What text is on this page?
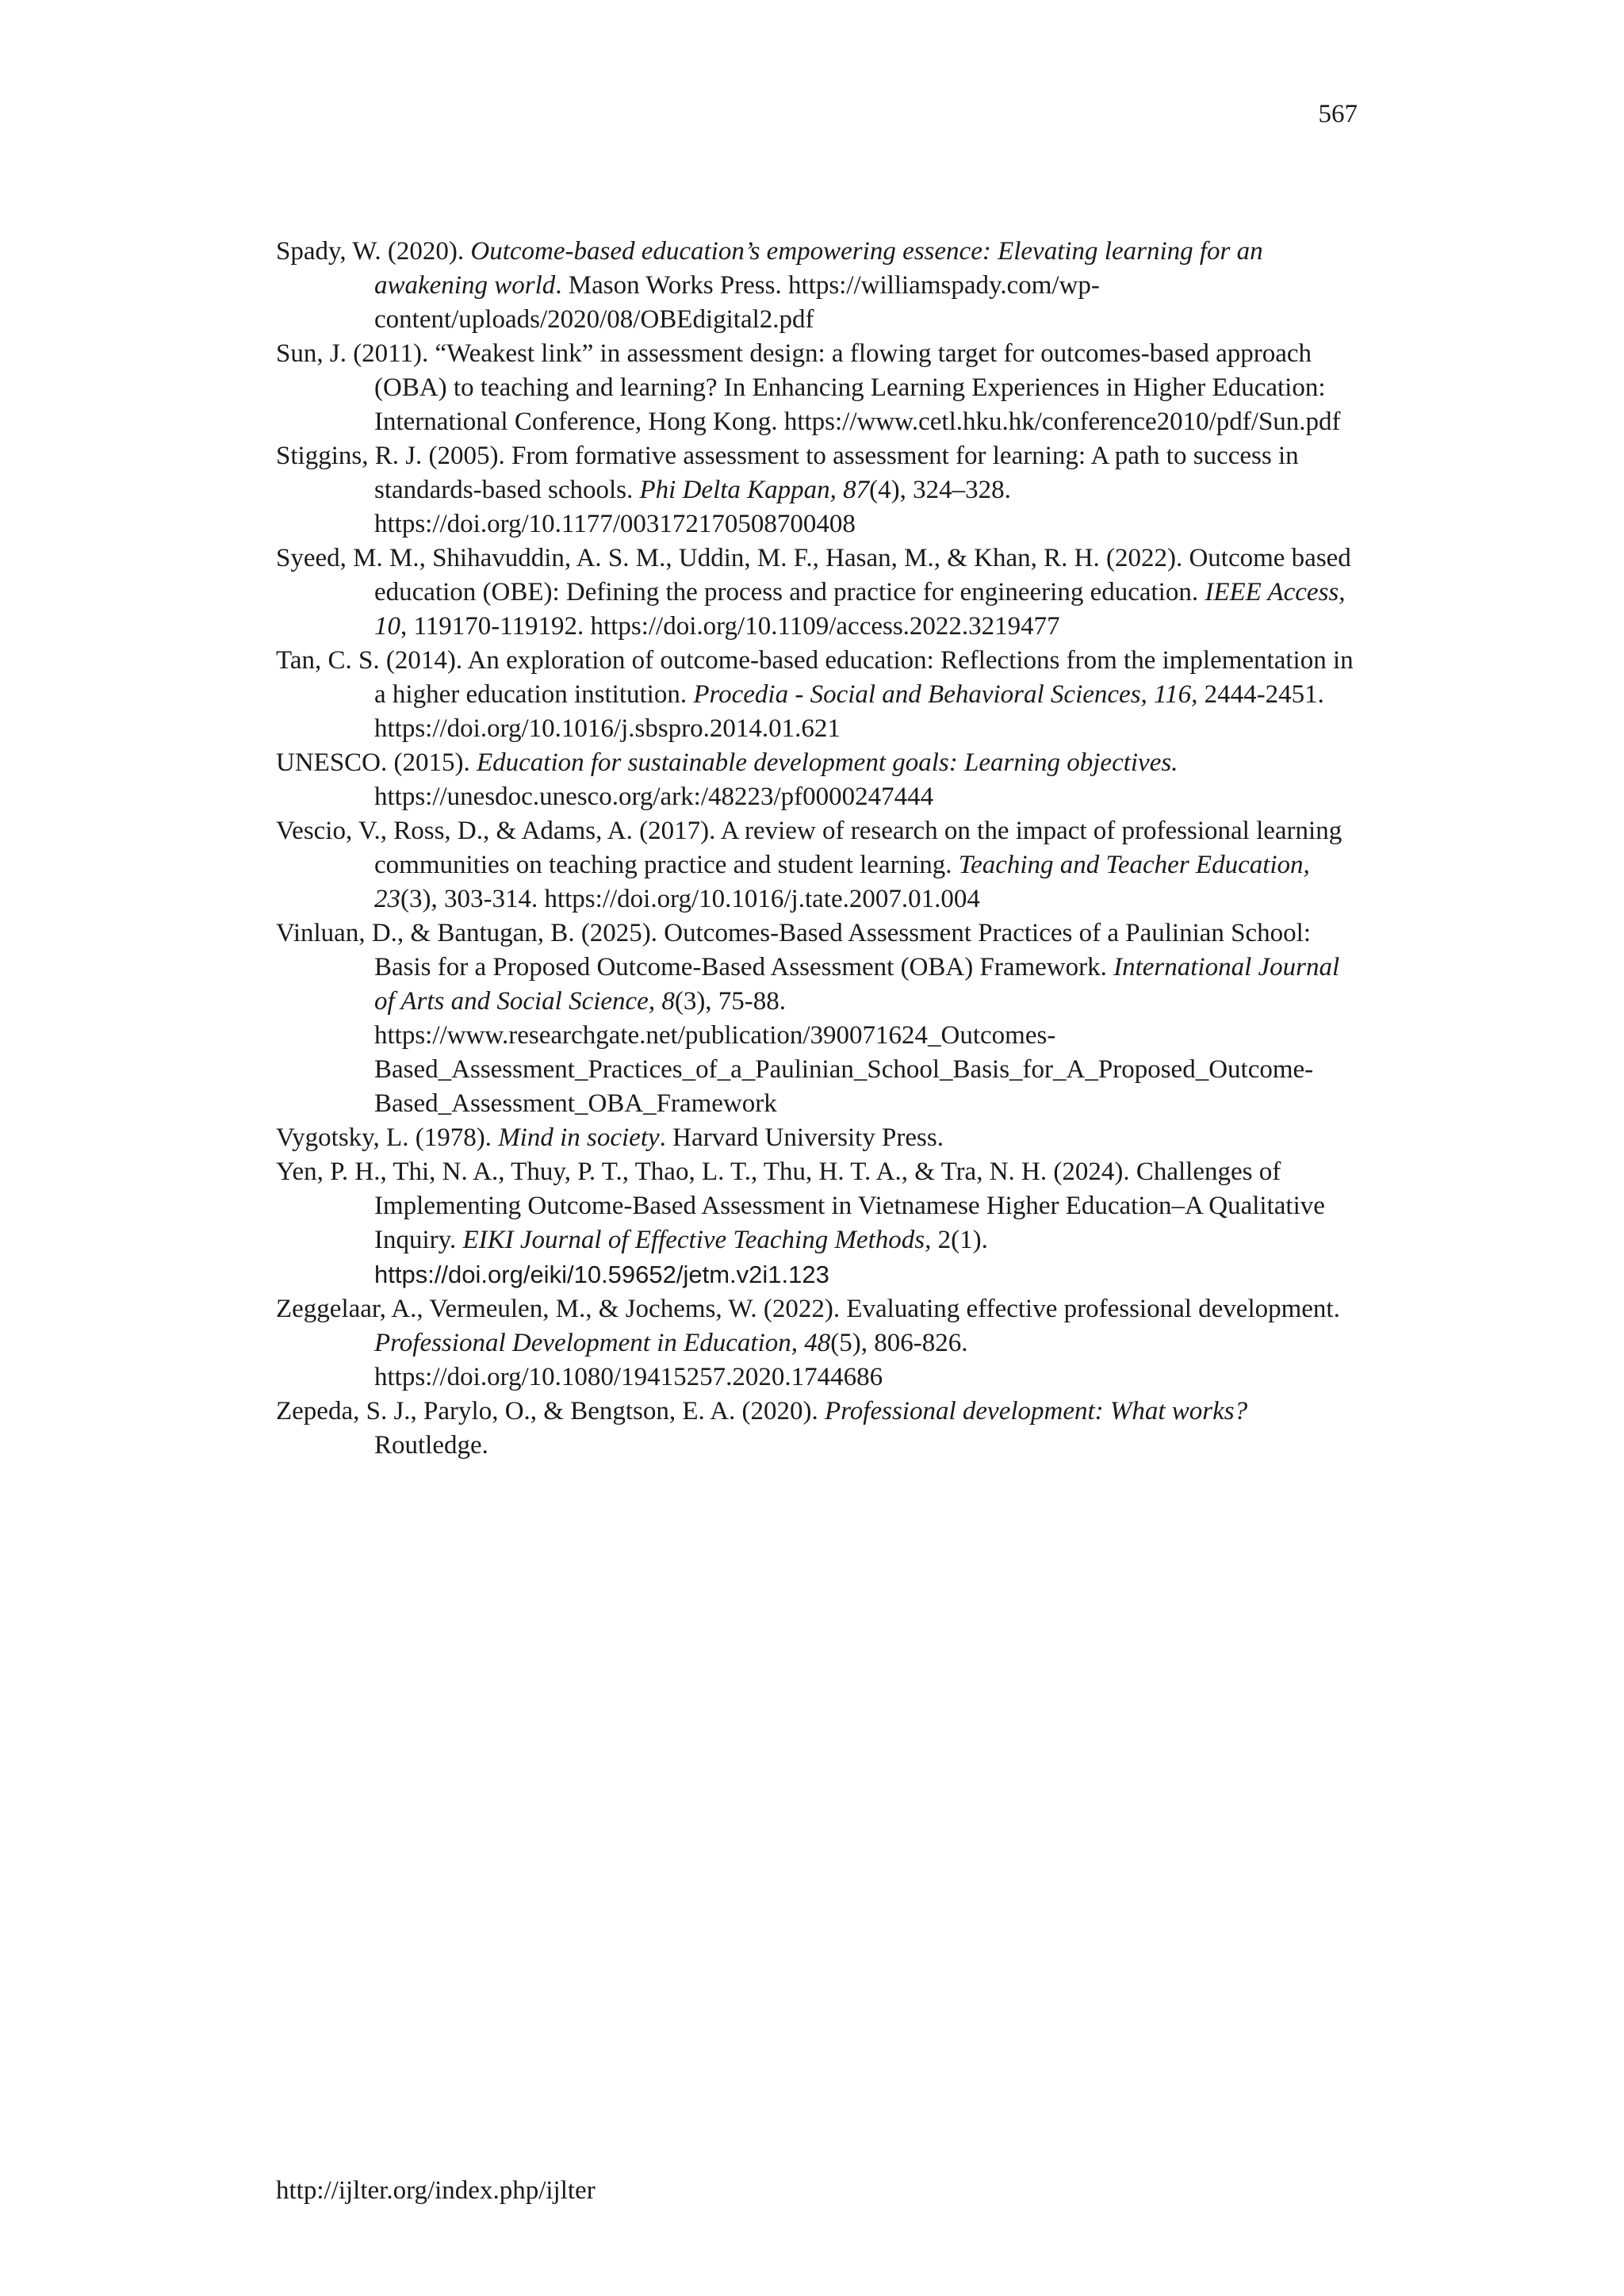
567
Spady, W. (2020). Outcome-based education’s empowering essence: Elevating learning for an awakening world. Mason Works Press. https://williamspady.com/wp-content/uploads/2020/08/OBEdigital2.pdf
Sun, J. (2011). “Weakest link” in assessment design: a flowing target for outcomes-based approach (OBA) to teaching and learning? In Enhancing Learning Experiences in Higher Education: International Conference, Hong Kong. https://www.cetl.hku.hk/conference2010/pdf/Sun.pdf
Stiggins, R. J. (2005). From formative assessment to assessment for learning: A path to success in standards-based schools. Phi Delta Kappan, 87(4), 324–328. https://doi.org/10.1177/003172170508700408
Syeed, M. M., Shihavuddin, A. S. M., Uddin, M. F., Hasan, M., & Khan, R. H. (2022). Outcome based education (OBE): Defining the process and practice for engineering education. IEEE Access, 10, 119170-119192. https://doi.org/10.1109/access.2022.3219477
Tan, C. S. (2014). An exploration of outcome-based education: Reflections from the implementation in a higher education institution. Procedia - Social and Behavioral Sciences, 116, 2444-2451. https://doi.org/10.1016/j.sbspro.2014.01.621
UNESCO. (2015). Education for sustainable development goals: Learning objectives. https://unesdoc.unesco.org/ark:/48223/pf0000247444
Vescio, V., Ross, D., & Adams, A. (2017). A review of research on the impact of professional learning communities on teaching practice and student learning. Teaching and Teacher Education, 23(3), 303-314. https://doi.org/10.1016/j.tate.2007.01.004
Vinluan, D., & Bantugan, B. (2025). Outcomes-Based Assessment Practices of a Paulinian School: Basis for a Proposed Outcome-Based Assessment (OBA) Framework. International Journal of Arts and Social Science, 8(3), 75-88. https://www.researchgate.net/publication/390071624_Outcomes-Based_Assessment_Practices_of_a_Paulinian_School_Basis_for_A_Proposed_Outcome-Based_Assessment_OBA_Framework
Vygotsky, L. (1978). Mind in society. Harvard University Press.
Yen, P. H., Thi, N. A., Thuy, P. T., Thao, L. T., Thu, H. T. A., & Tra, N. H. (2024). Challenges of Implementing Outcome-Based Assessment in Vietnamese Higher Education–A Qualitative Inquiry. EIKI Journal of Effective Teaching Methods, 2(1). https://doi.org/eiki/10.59652/jetm.v2i1.123
Zeggelaar, A., Vermeulen, M., & Jochems, W. (2022). Evaluating effective professional development. Professional Development in Education, 48(5), 806-826. https://doi.org/10.1080/19415257.2020.1744686
Zepeda, S. J., Parylo, O., & Bengtson, E. A. (2020). Professional development: What works? Routledge.
http://ijlter.org/index.php/ijlter
